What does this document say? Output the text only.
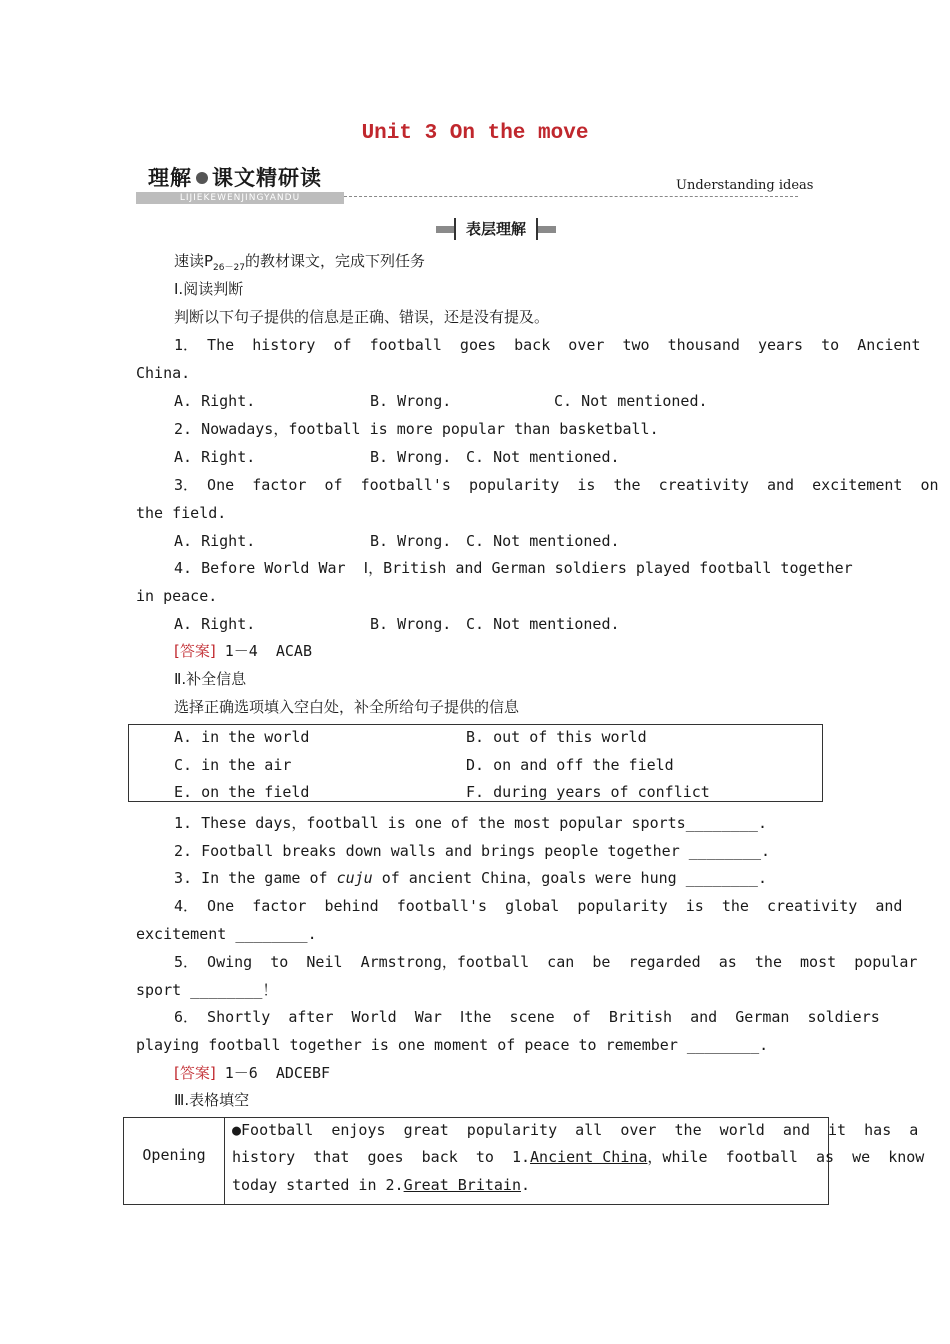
Unit 3 On the move
理解 课文精研读
LIJIEKEWENJINGYANDU
Understanding ideas
表层理解
速读$P_{26-27}$的教材课文，完成下列任务
Ⅰ.阅读判断
判断以下句子提供的信息是正确、错误，还是没有提及。
1． The  history  of  football  goes  back  over  two  thousand  years  to  Ancient
China.
A. Right.	B. Wrong.	C. Not mentioned.
2. Nowadays，football is more popular than basketball.
A. Right.	B. Wrong. C. Not mentioned.
3． One  factor  of  football's  popularity  is  the  creativity  and  excitement  on
the field.
A. Right.	B. Wrong. C. Not mentioned.
4. Before World War  Ⅰ，British and German soldiers played football together
in peace.
A. Right.	B. Wrong. C. Not mentioned.
[答案] 1－4  ACAB
Ⅱ.补全信息
选择正确选项填入空白处，补全所给句子提供的信息
A. in the world	B. out of this world
C. in the air	D. on and off the field
E. on the field	F. during years of conflict
1. These days，football is one of the most popular sports________.
2. Football breaks down walls and brings people together ________.
3. In the game of cuju of ancient China，goals were hung ________.
4． One  factor  behind  football's  global  popularity  is  the  creativity  and
excitement ________.
5． Owing  to  Neil  Armstrong，football  can  be  regarded  as  the  most  popular
sport ________！
6． Shortly  after  World  War  Ⅰthe  scene  of  British  and  German  soldiers
playing football together is one moment of peace to remember ________.
[答案] 1－6  ADCEBF
Ⅲ.表格填空
Opening
●Football  enjoys  great  popularity  all  over  the  world  and  it  has  a
history  that  goes  back  to  1.Ancient China，while  football  as  we  know
today started in 2.Great Britain.
